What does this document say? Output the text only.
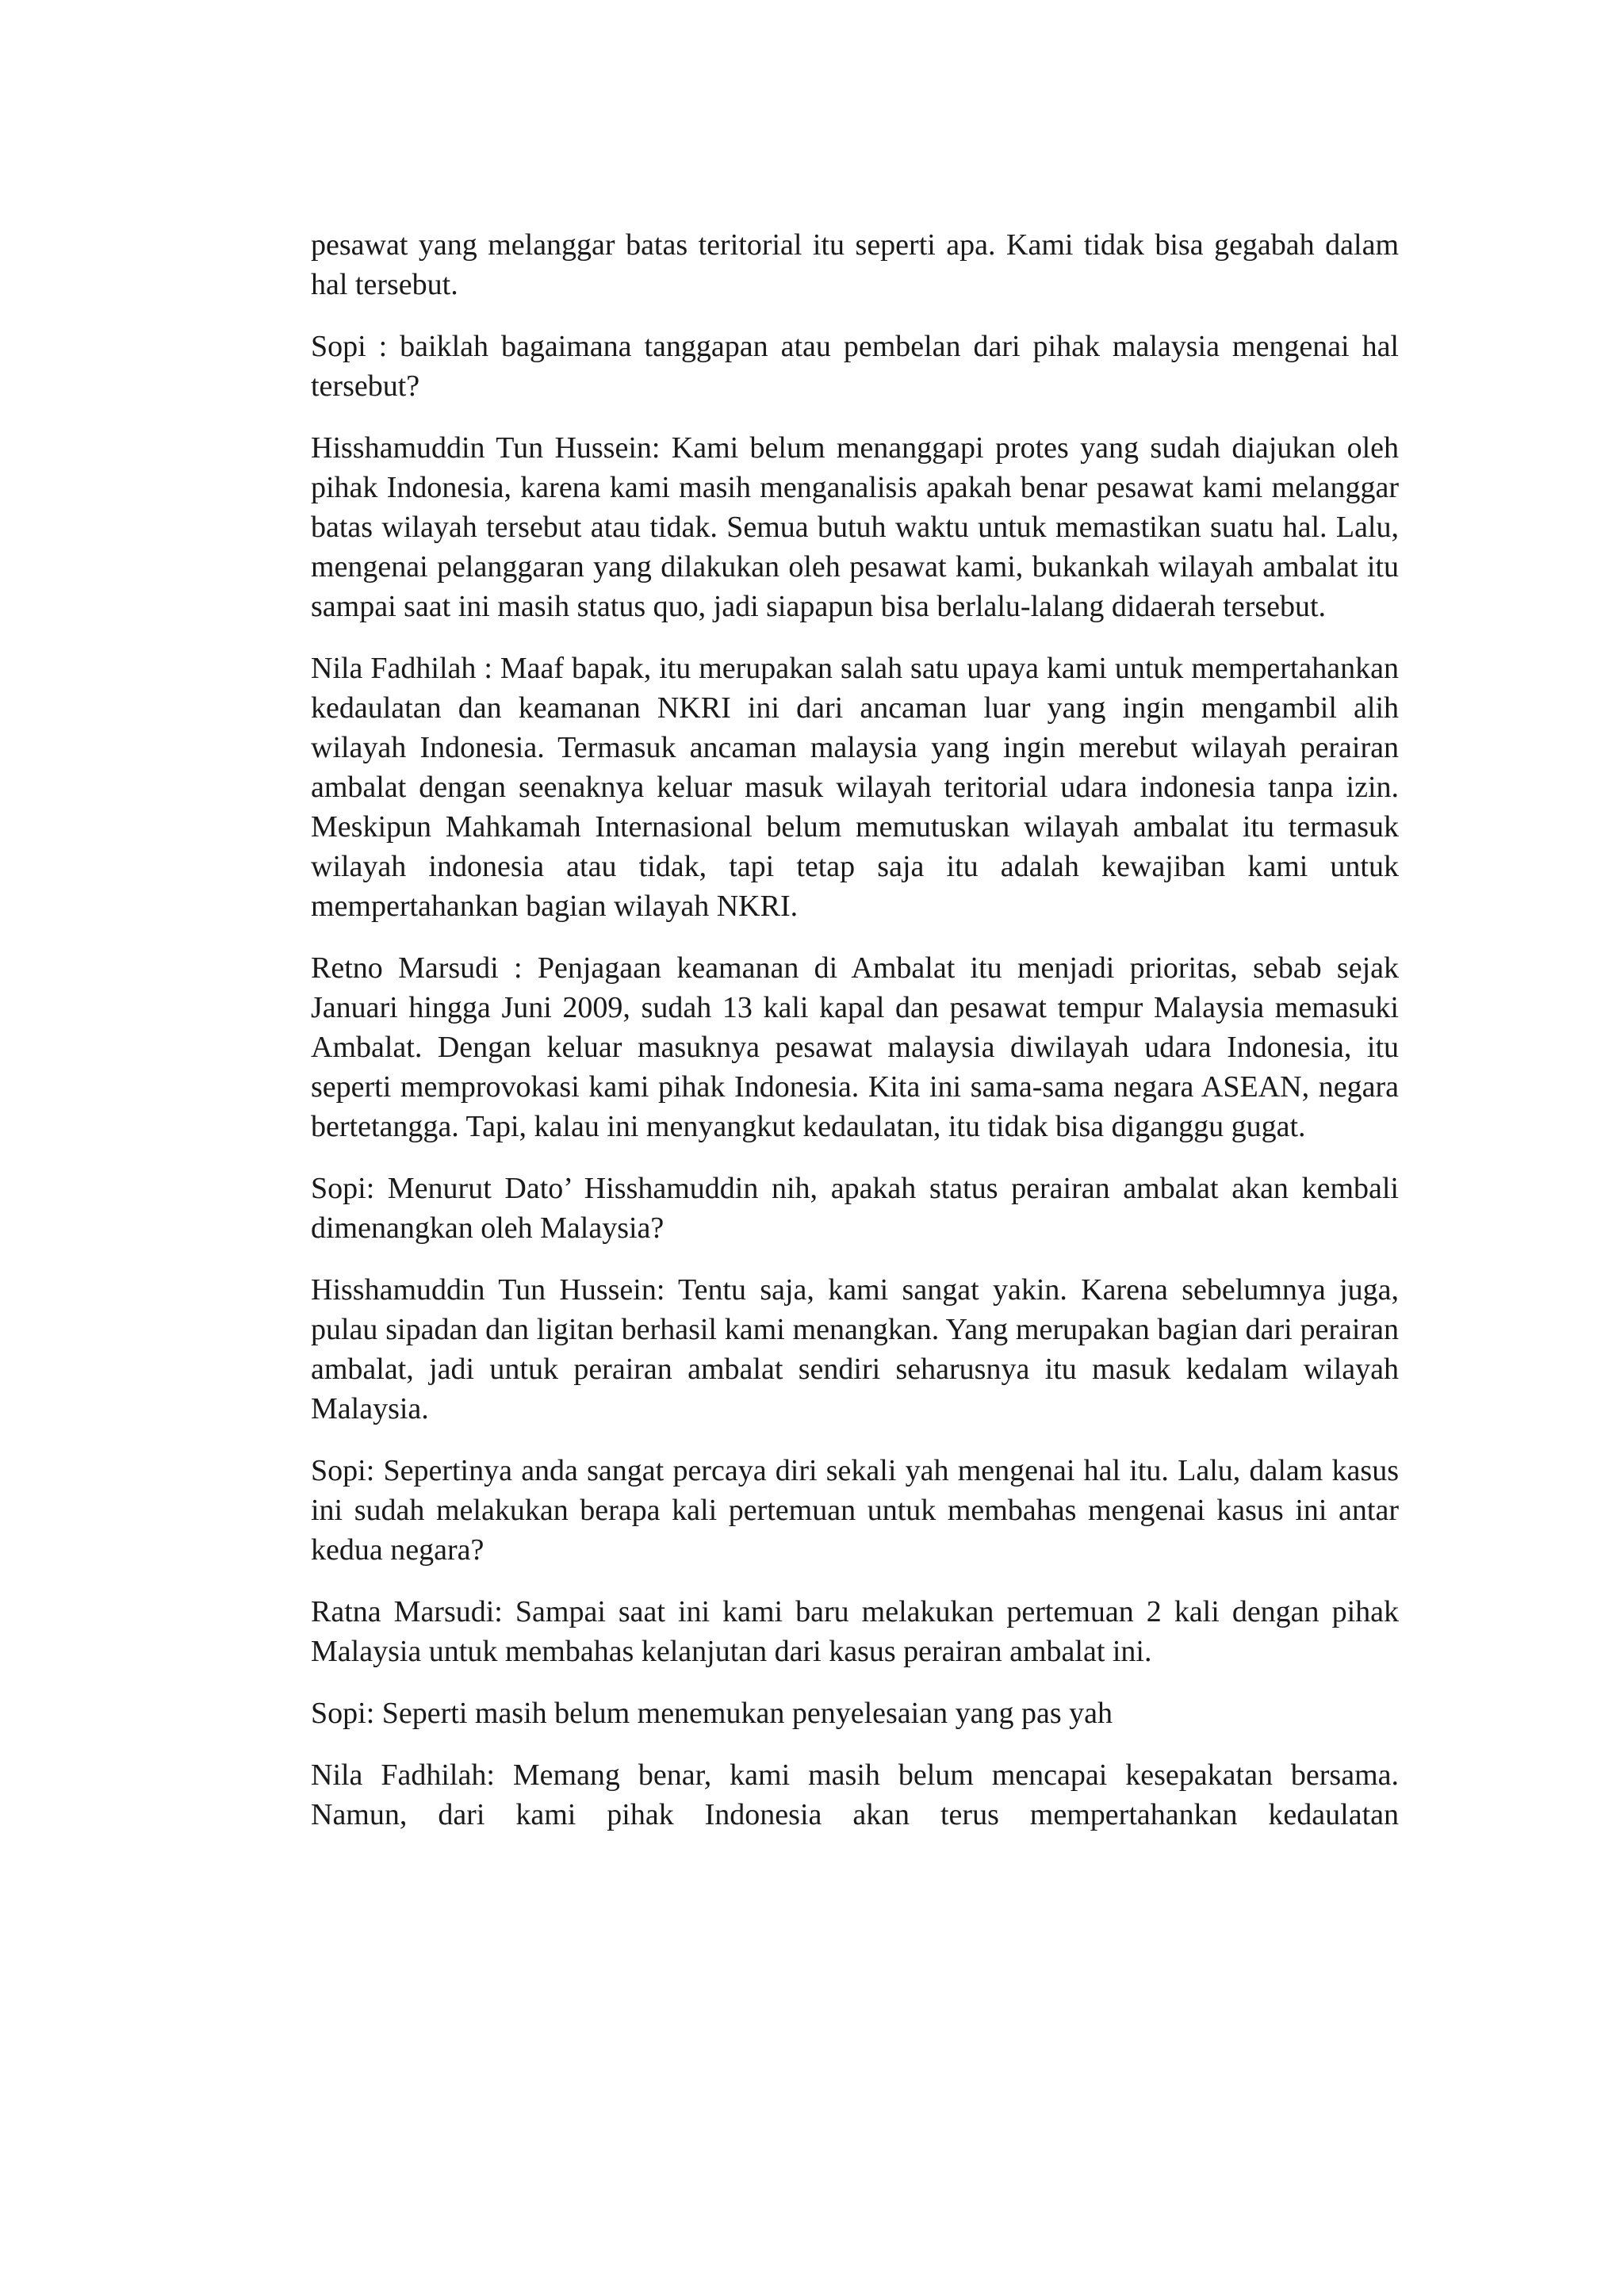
pesawat yang melanggar batas teritorial itu seperti apa. Kami tidak bisa gegabah dalam hal tersebut.

Sopi : baiklah bagaimana tanggapan atau pembelan dari pihak malaysia mengenai hal tersebut?

Hisshamuddin Tun Hussein: Kami belum menanggapi protes yang sudah diajukan oleh pihak Indonesia, karena kami masih menganalisis apakah benar pesawat kami melanggar batas wilayah tersebut atau tidak. Semua butuh waktu untuk memastikan suatu hal. Lalu, mengenai pelanggaran yang dilakukan oleh pesawat kami, bukankah wilayah ambalat itu sampai saat ini masih status quo, jadi siapapun bisa berlalu-lalang didaerah tersebut.

Nila Fadhilah : Maaf bapak, itu merupakan salah satu upaya kami untuk mempertahankan kedaulatan dan keamanan NKRI ini dari ancaman luar yang ingin mengambil alih wilayah Indonesia. Termasuk ancaman malaysia yang ingin merebut wilayah perairan ambalat dengan seenaknya keluar masuk wilayah teritorial udara indonesia tanpa izin. Meskipun Mahkamah Internasional belum memutuskan wilayah ambalat itu termasuk wilayah indonesia atau tidak, tapi tetap saja itu adalah kewajiban kami untuk mempertahankan bagian wilayah NKRI.

Retno Marsudi : Penjagaan keamanan di Ambalat itu menjadi prioritas, sebab sejak Januari hingga Juni 2009, sudah 13 kali kapal dan pesawat tempur Malaysia memasuki Ambalat. Dengan keluar masuknya pesawat malaysia diwilayah udara Indonesia, itu seperti memprovokasi kami pihak Indonesia. Kita ini sama-sama negara ASEAN, negara bertetangga. Tapi, kalau ini menyangkut kedaulatan, itu tidak bisa diganggu gugat.

Sopi: Menurut Dato’ Hisshamuddin nih, apakah status perairan ambalat akan kembali dimenangkan oleh Malaysia?

Hisshamuddin Tun Hussein: Tentu saja, kami sangat yakin. Karena sebelumnya juga, pulau sipadan dan ligitan berhasil kami menangkan. Yang merupakan bagian dari perairan ambalat, jadi untuk perairan ambalat sendiri seharusnya itu masuk kedalam wilayah Malaysia.

Sopi: Sepertinya anda sangat percaya diri sekali yah mengenai hal itu. Lalu, dalam kasus ini sudah melakukan berapa kali pertemuan untuk membahas mengenai kasus ini antar kedua negara?

Ratna Marsudi: Sampai saat ini kami baru melakukan pertemuan 2 kali dengan pihak Malaysia untuk membahas kelanjutan dari kasus perairan ambalat ini.

Sopi: Seperti masih belum menemukan penyelesaian yang pas yah

Nila Fadhilah: Memang benar, kami masih belum mencapai kesepakatan bersama. Namun, dari kami pihak Indonesia akan terus mempertahankan kedaulatan
